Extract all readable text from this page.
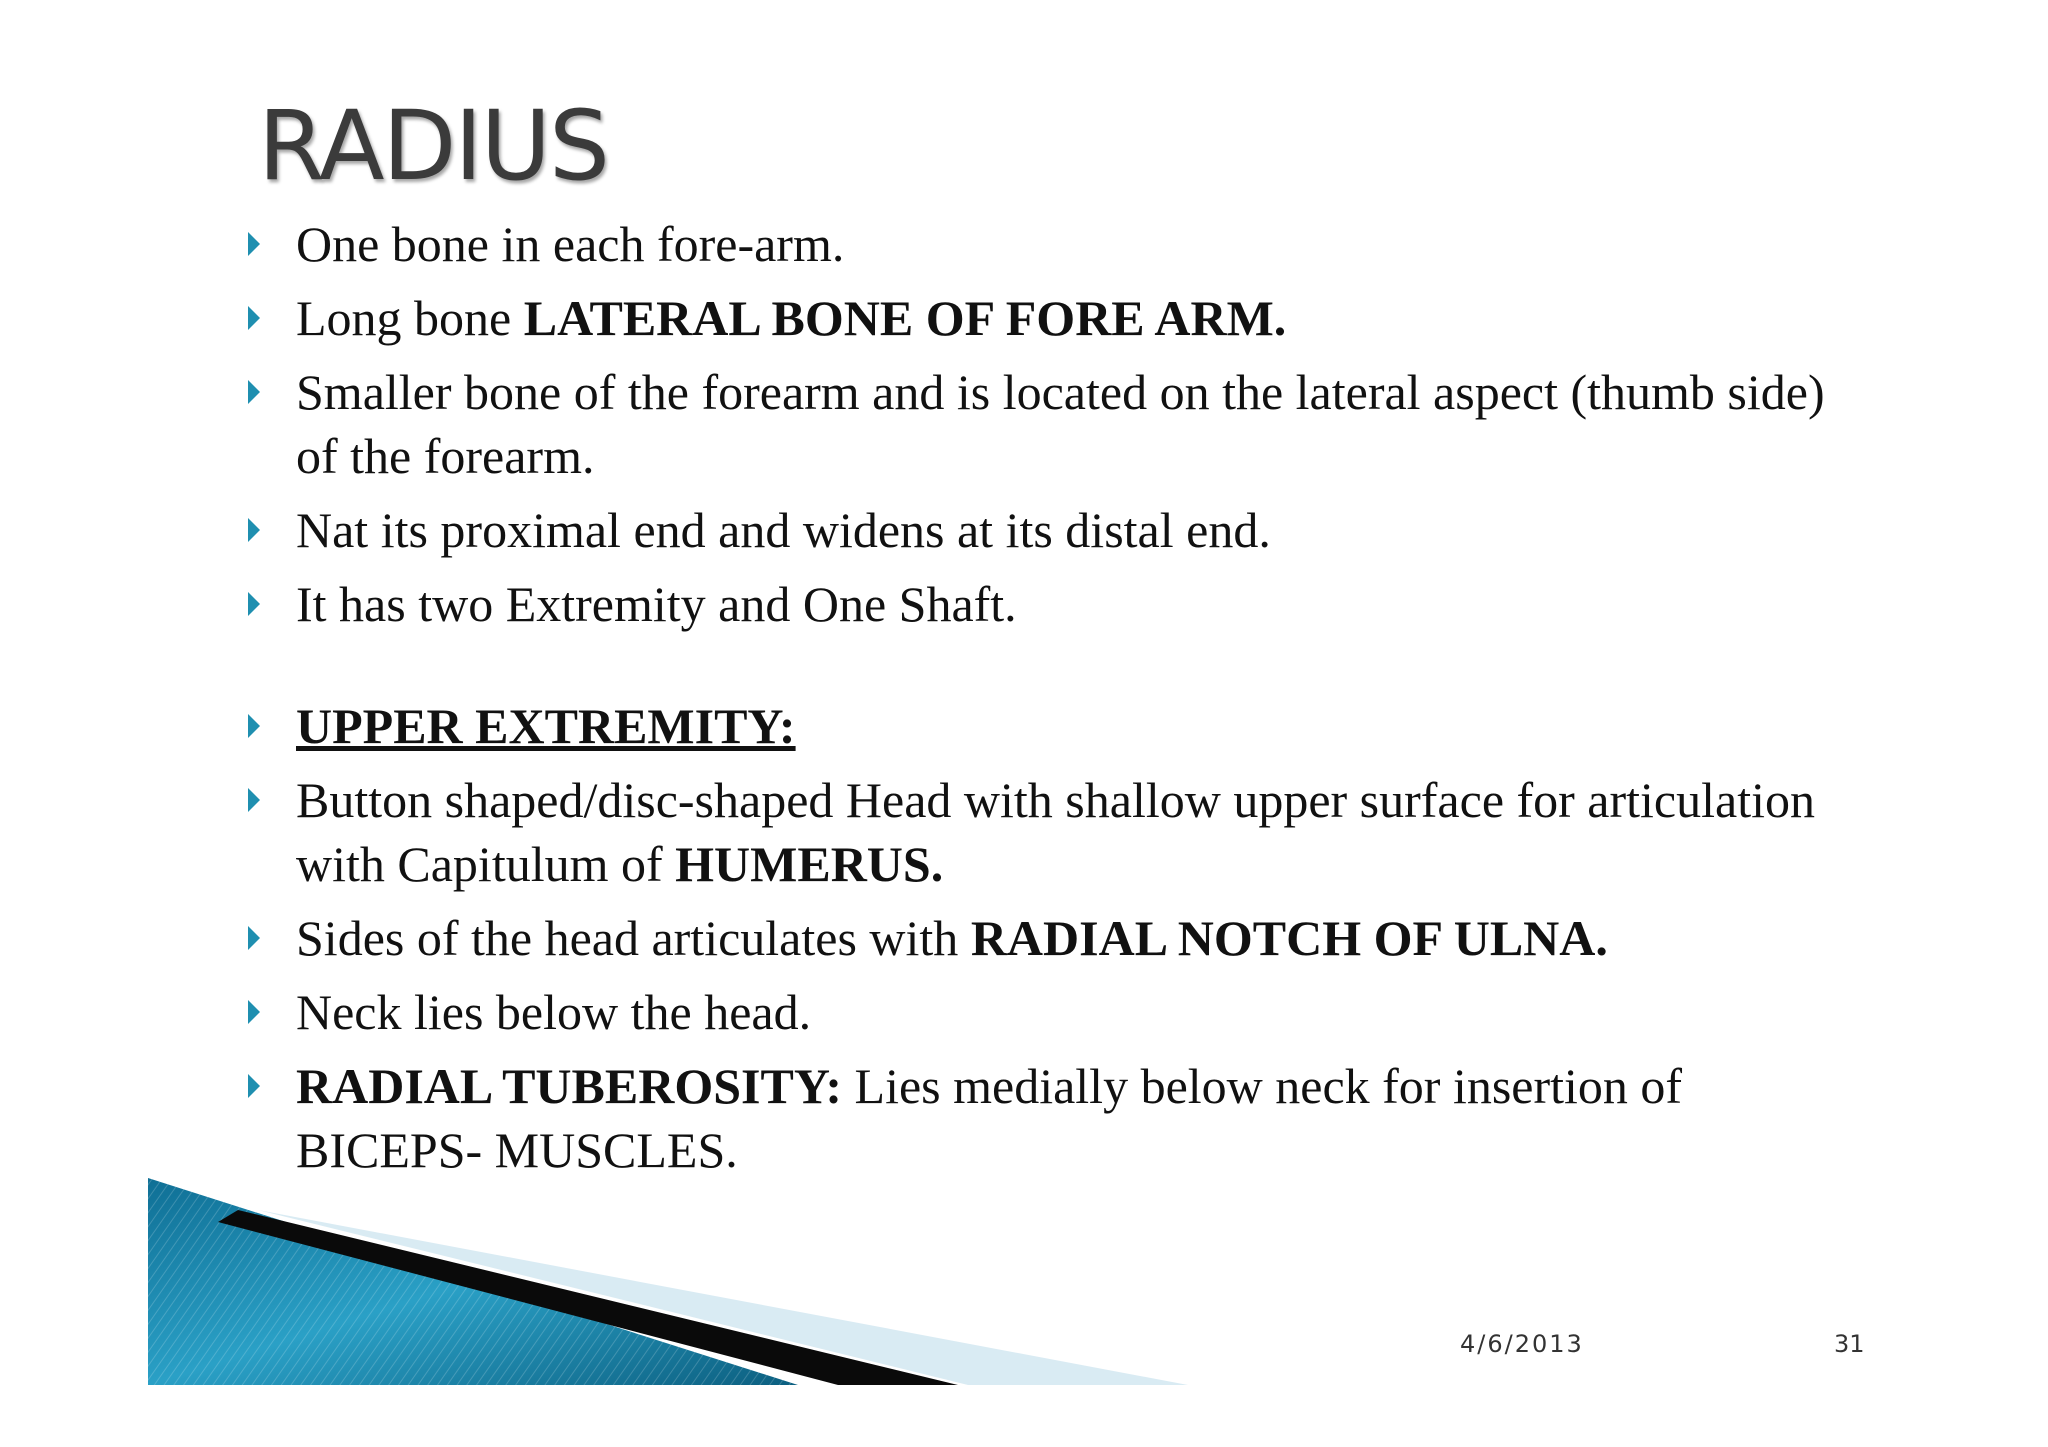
RADIUS
One bone in each fore-arm.
Long bone LATERAL BONE OF FORE ARM.
Smaller bone of the forearm and is located on the lateral aspect (thumb side) of the forearm.
Nat its proximal end and widens at its distal end.
It has two Extremity and One Shaft.
UPPER EXTREMITY:
Button shaped/disc-shaped Head with shallow upper surface for articulation with Capitulum of HUMERUS.
Sides of the head articulates with RADIAL NOTCH OF ULNA.
Neck lies below the head.
RADIAL TUBEROSITY: Lies medially below neck for insertion of BICEPS- MUSCLES.
4/6/2013	31
